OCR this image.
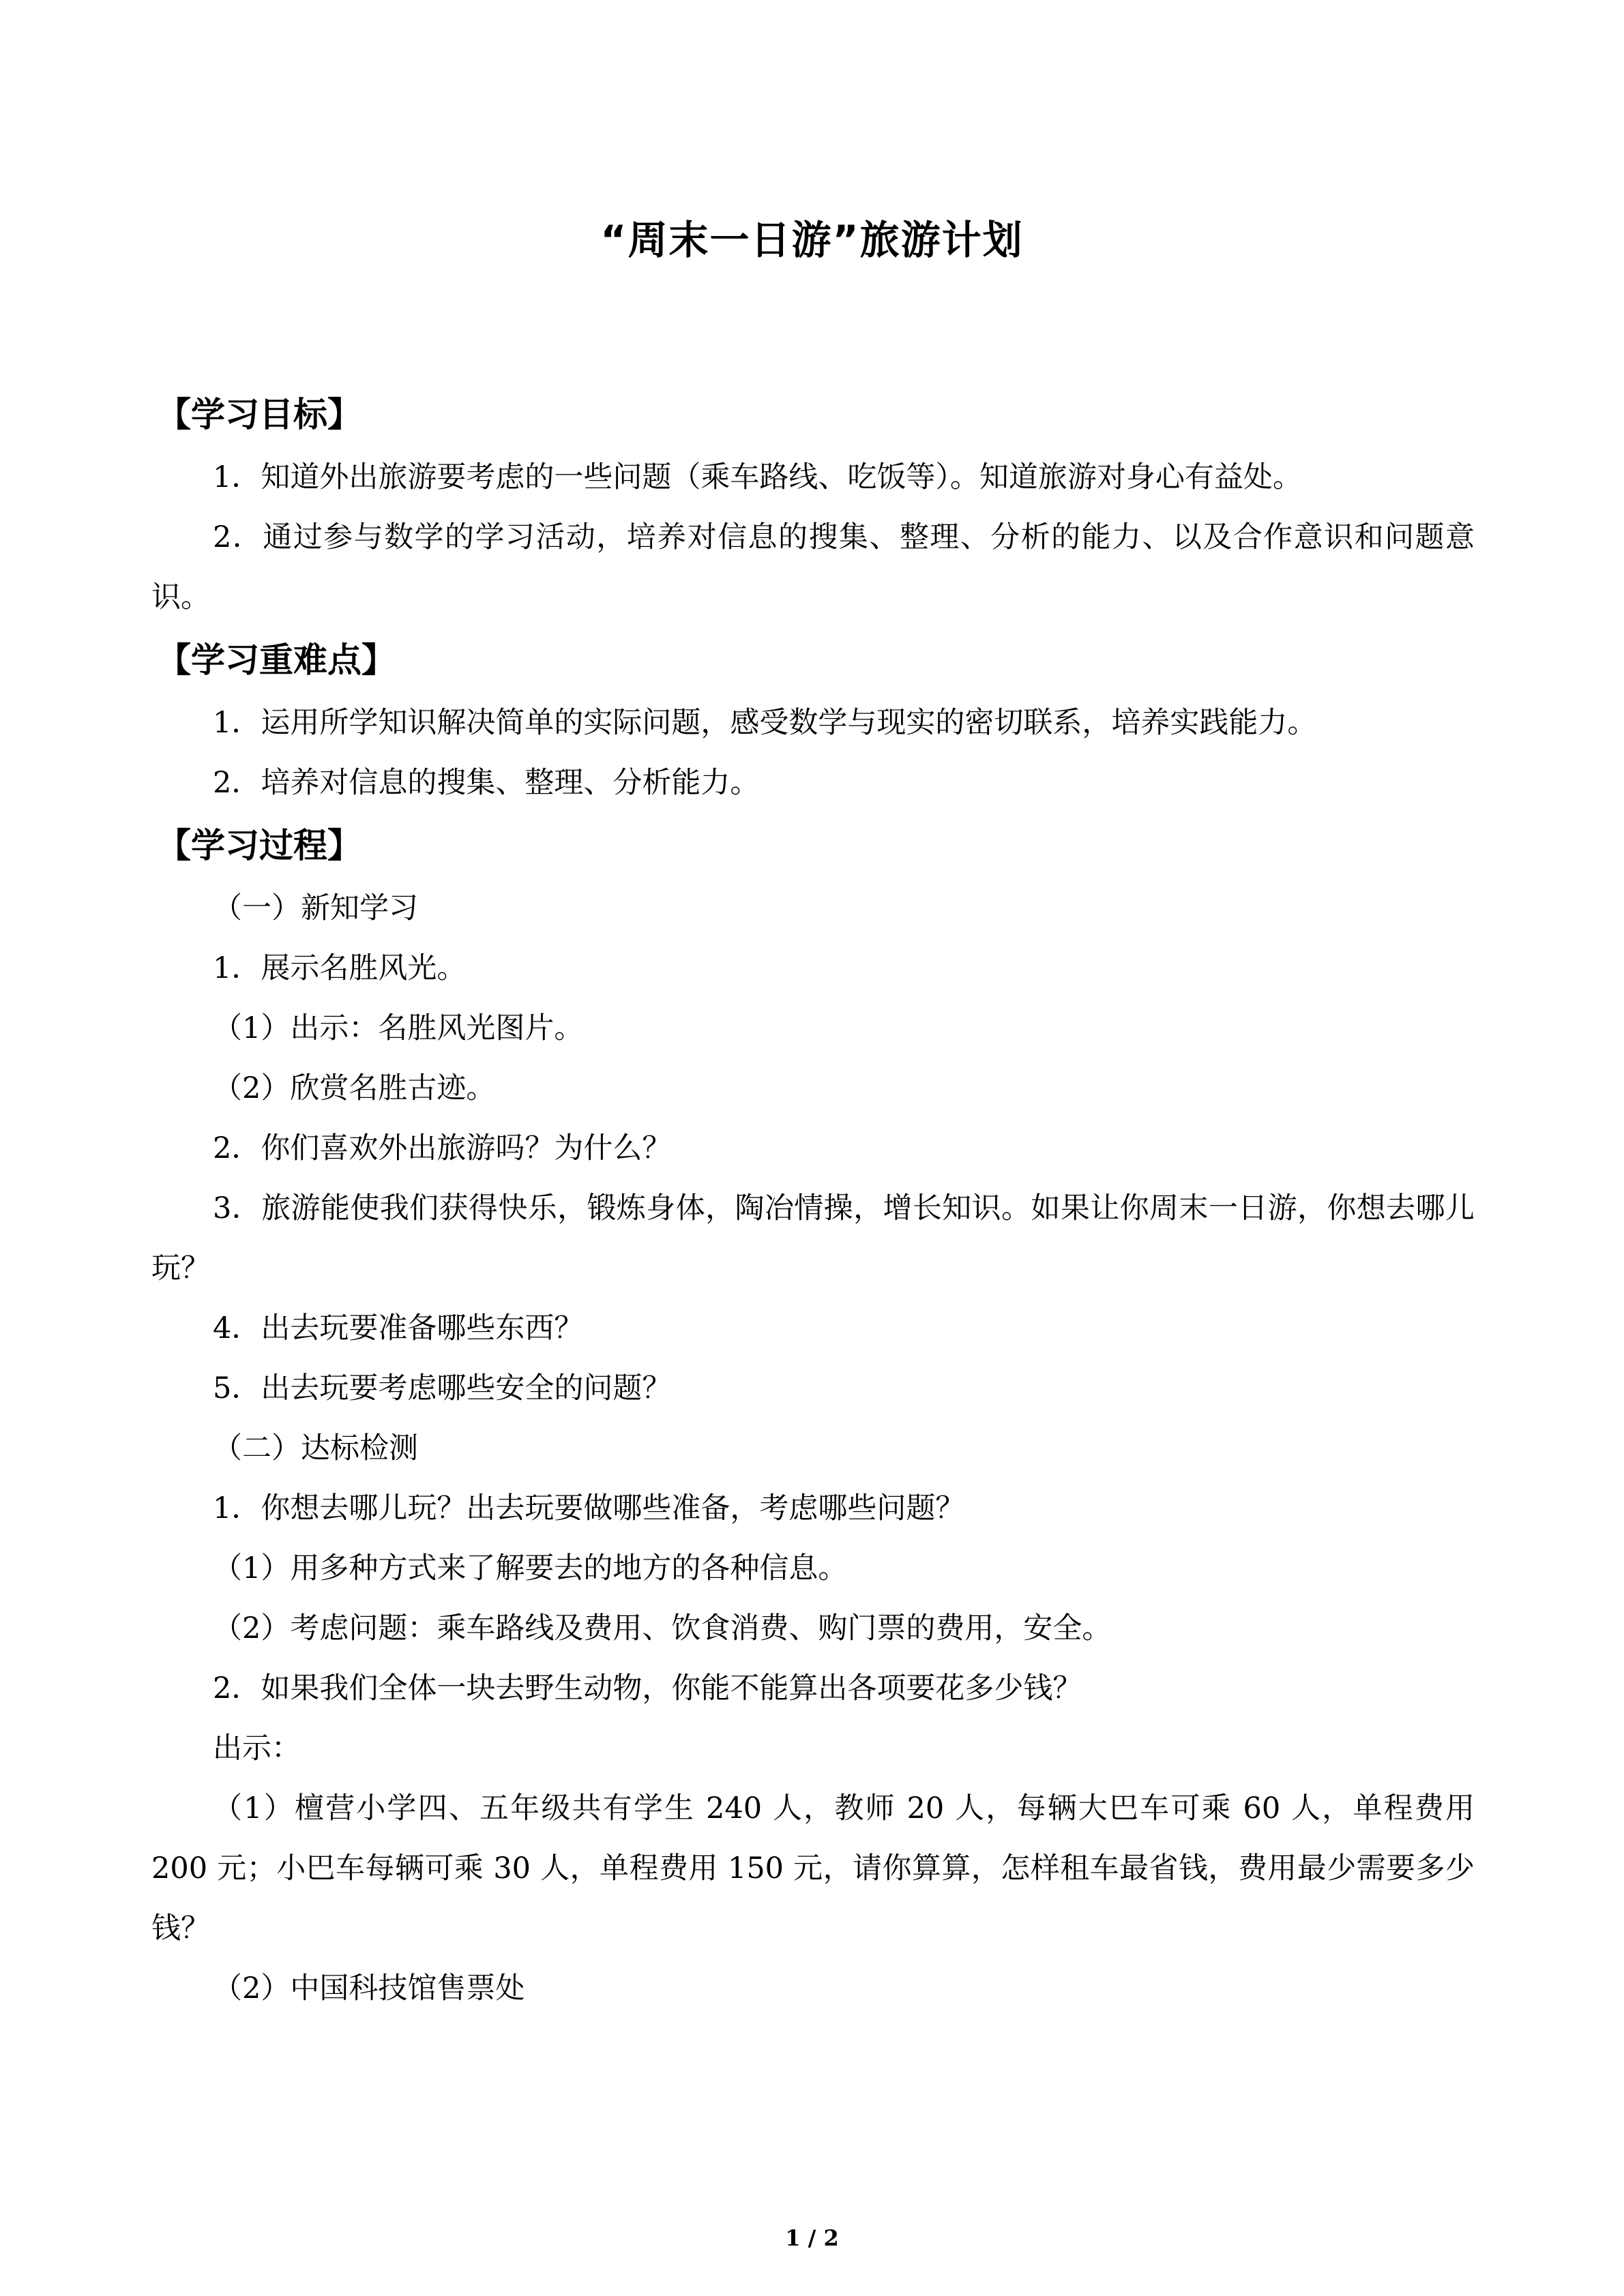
“周末一日游”旅游计划
【学习目标】

1．知道外出旅游要考虑的一些问题（乘车路线、吃饭等）。知道旅游对身心有益处。

2．通过参与数学的学习活动，培养对信息的搜集、整理、分析的能力、以及合作意识和问题意识。

【学习重难点】

1．运用所学知识解决简单的实际问题，感受数学与现实的密切联系，培养实践能力。

2．培养对信息的搜集、整理、分析能力。

【学习过程】

（一）新知学习

1．展示名胜风光。

（1）出示：名胜风光图片。

（2）欣赏名胜古迹。

2．你们喜欢外出旅游吗？为什么？

3．旅游能使我们获得快乐，锻炼身体，陶冶情操，增长知识。如果让你周末一日游，你想去哪儿玩？

4．出去玩要准备哪些东西？

5．出去玩要考虑哪些安全的问题？

（二）达标检测

1．你想去哪儿玩？出去玩要做哪些准备，考虑哪些问题？

（1）用多种方式来了解要去的地方的各种信息。

（2）考虑问题：乘车路线及费用、饮食消费、购门票的费用，安全。

2．如果我们全体一块去野生动物，你能不能算出各项要花多少钱？

出示：

（1）檀营小学四、五年级共有学生 240 人，教师 20 人，每辆大巴车可乘 60 人，单程费用 200 元；小巴车每辆可乘 30 人，单程费用 150 元，请你算算，怎样租车最省钱，费用最少需要多少钱？

（2）中国科技馆售票处

1 / 2
